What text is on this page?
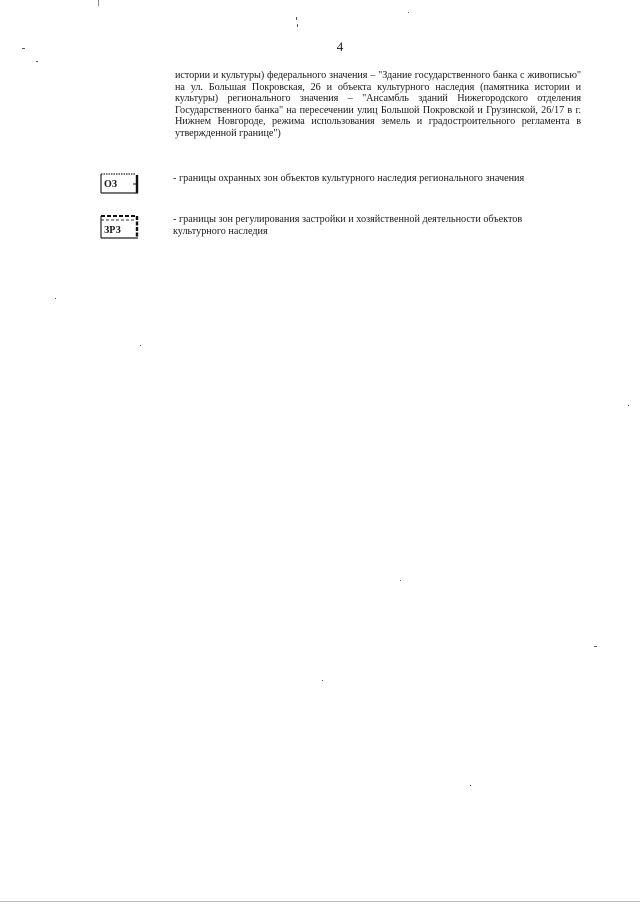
4
истории и культуры) федерального значения – "Здание государственного банка с живописью" на ул. Большая Покровская, 26 и объекта культурного наследия (памятника истории и культуры) регионального значения – "Ансамбль зданий Нижегородского отделения Государственного банка" на пересечении улиц Большой Покровской и Грузинской, 26/17 в г. Нижнем Новгороде, режима использования земель и градостроительного регламента в утвержденной границе")
ОЗ
- границы охранных зон объектов культурного наследия регионального значения
ЗРЗ
- границы зон регулирования застройки и хозяйственной деятельности объектов культурного наследия
